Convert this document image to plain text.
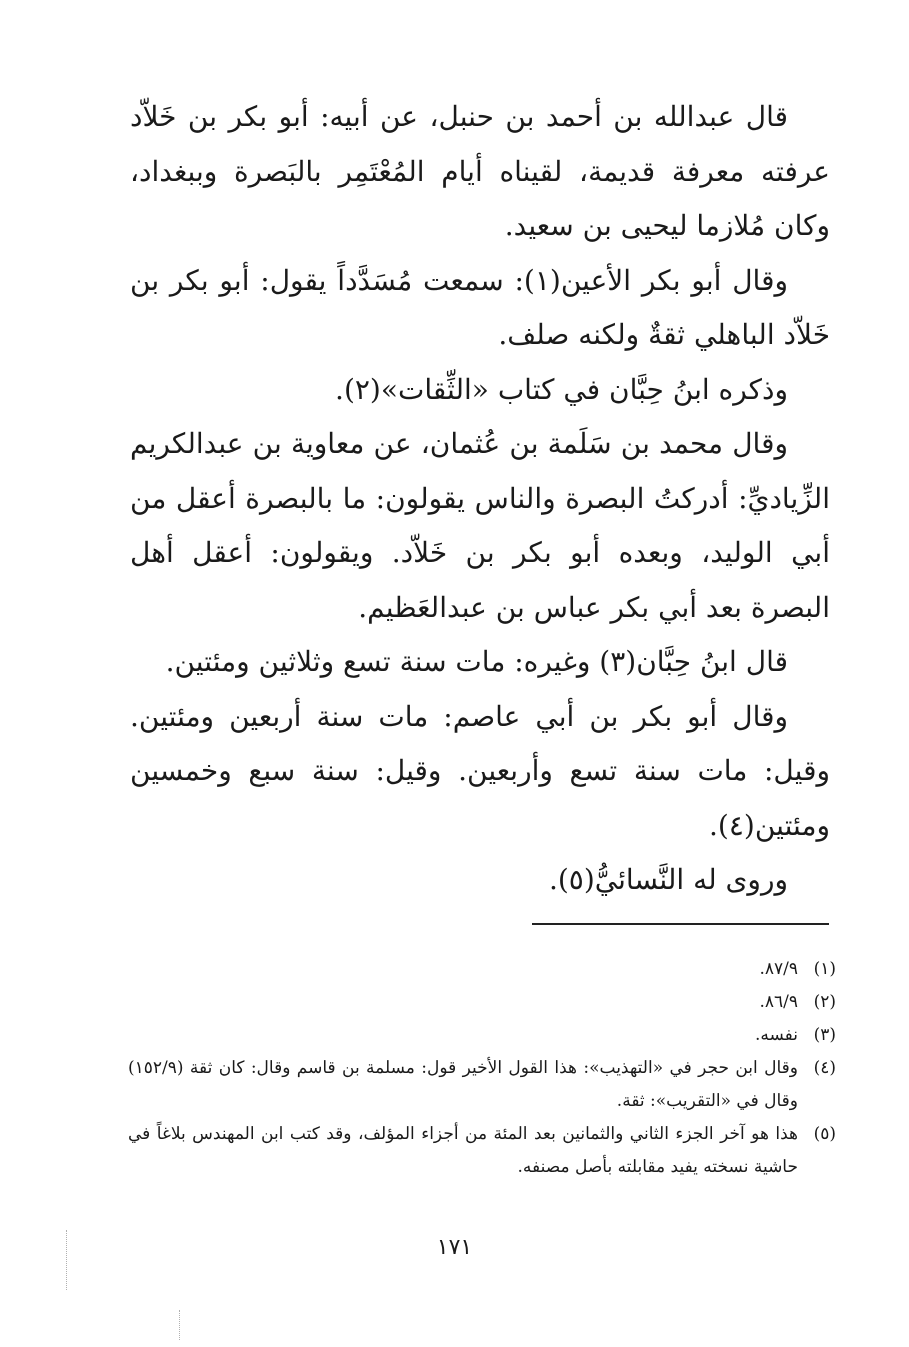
قال عبدالله بن أحمد بن حنبل، عن أبيه: أبو بكر بن خَلاّد عرفته معرفة قديمة، لقيناه أيام المُعْتَمِر بالبَصرة وببغداد، وكان مُلازما ليحيى بن سعيد.

وقال أبو بكر الأعين(١): سمعت مُسَدَّداً يقول: أبو بكر بن خَلاّد الباهلي ثقةٌ ولكنه صلف.

وذكره ابنُ حِبَّان في كتاب «الثِّقات»(٢).

وقال محمد بن سَلَمة بن عُثمان، عن معاوية بن عبدالكريم الزِّياديِّ: أدركتُ البصرة والناس يقولون: ما بالبصرة أعقل من أبي الوليد، وبعده أبو بكر بن خَلاّد. ويقولون: أعقل أهل البصرة بعد أبي بكر عباس بن عبدالعَظيم.

قال ابنُ حِبَّان(٣) وغيره: مات سنة تسع وثلاثين ومئتين.

وقال أبو بكر بن أبي عاصم: مات سنة أربعين ومئتين. وقيل: مات سنة تسع وأربعين. وقيل: سنة سبع وخمسين ومئتين(٤).

وروى له النَّسائيُّ(٥).

(١)
٨٧/٩.
(٢)
٨٦/٩.
(٣)
نفسه.
(٤)
وقال ابن حجر في «التهذيب»: هذا القول الأخير قول: مسلمة بن قاسم وقال: كان ثقة (١٥٢/٩) وقال في «التقريب»: ثقة.
(٥)
هذا هو آخر الجزء الثاني والثمانين بعد المئة من أجزاء المؤلف، وقد كتب ابن المهندس بلاغاً في حاشية نسخته يفيد مقابلته بأصل مصنفه.
١٧١
